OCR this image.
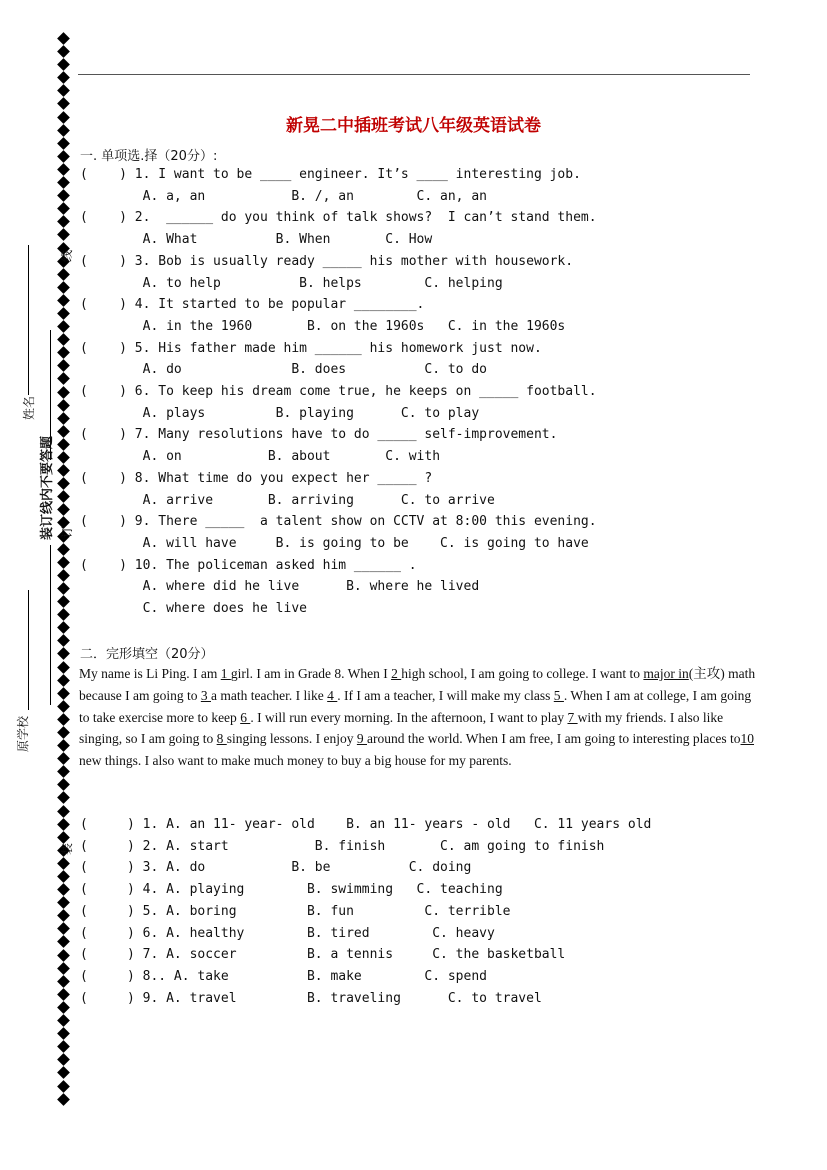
姓名
装订线内不要答题
线
订
装
原学校
新晃二中插班考试八年级英语试卷
一. 单项选.择（20分）:
(    ) 1. I want to be ____ engineer. It’s ____ interesting job.
A. a, an           B. /, an        C. an, an
(    ) 2.  ______ do you think of talk shows?  I can’t stand them.
A. What          B. When       C. How
(    ) 3. Bob is usually ready _____ his mother with housework.
A. to help          B. helps        C. helping
(    ) 4. It started to be popular ________.
A. in the 1960       B. on the 1960s   C. in the 1960s
(    ) 5. His father made him ______ his homework just now.
A. do              B. does          C. to do
(    ) 6. To keep his dream come true, he keeps on _____ football.
A. plays         B. playing      C. to play
(    ) 7. Many resolutions have to do _____ self-improvement.
A. on           B. about       C. with
(    ) 8. What time do you expect her _____ ?
A. arrive       B. arriving      C. to arrive
(    ) 9. There _____  a talent show on CCTV at 8:00 this evening.
A. will have     B. is going to be    C. is going to have
(    ) 10. The policeman asked him ______ .
A. where did he live      B. where he lived
C. where does he live
二．完形填空（20分）
My name is Li Ping. I am 1 girl. I am in Grade 8. When I 2 high school, I am going to college. I want to major in(主攻) math because I am going to 3 a math teacher. I like 4 . If I am a teacher, I will make my class 5 . When I am at college, I am going to take exercise more to keep 6 . I will run every morning. In the afternoon, I want to play 7 with my friends. I also like singing, so I am going to 8 singing lessons. I enjoy 9 around the world. When I am free, I am going to interesting places to10 new things. I also want to make much money to buy a big house for my parents.
(     ) 1. A. an 11- year- old    B. an 11- years - old   C. 11 years old
(     ) 2. A. start           B. finish       C. am going to finish
(     ) 3. A. do           B. be          C. doing
(     ) 4. A. playing        B. swimming   C. teaching
(     ) 5. A. boring         B. fun         C. terrible
(     ) 6. A. healthy        B. tired        C. heavy
(     ) 7. A. soccer         B. a tennis     C. the basketball
(     ) 8.. A. take          B. make        C. spend
(     ) 9. A. travel         B. traveling      C. to travel
